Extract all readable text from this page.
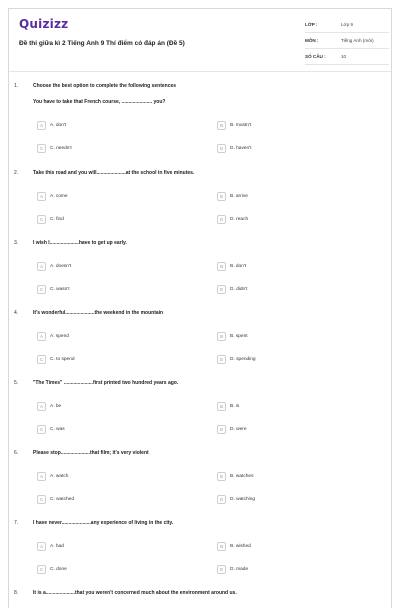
Quizizz
Đề thi giữa kì 2 Tiếng Anh 9 Thí điểm có đáp án (Đề 5)
LỚP :	Lớp 9
MÔN :	Tiếng Anh (mới)
SỐ CÂU :	10
1.	Choose the best option to complete the following sentences
You have to take that French course, ...................... you?
A	A. don't	B	B. mustn't
C	C. needn't	D	D. haven't
2.	Take this road and you will.....................at the school in five minutes.
A	A. come	B	B. arrive
C	C. find	D	D. reach
3.	I wish I.....................have to get up early.
A	A. doesn't	B	B. don't
C	C. wasn't	D	D. didn't
4.	It's wonderful.....................the weekend in the mountain
A	A. spend	B	B. spent
C	C. to spend	D	D. spending
5.	"The Times" .....................first printed two hundred years ago.
A	A. be	B	B. is
C	C. was	D	D. were
6.	Please stop.....................that film; it's very violent
A	A. watch	B	B. watches
C	C. watched	D	D. watching
7.	I have never.....................any experience of living in the city.
A	A. had	B	B. wished
C	C. done	D	D. made
8.	It is a.....................that you weren't concerned much about the environment around us.
